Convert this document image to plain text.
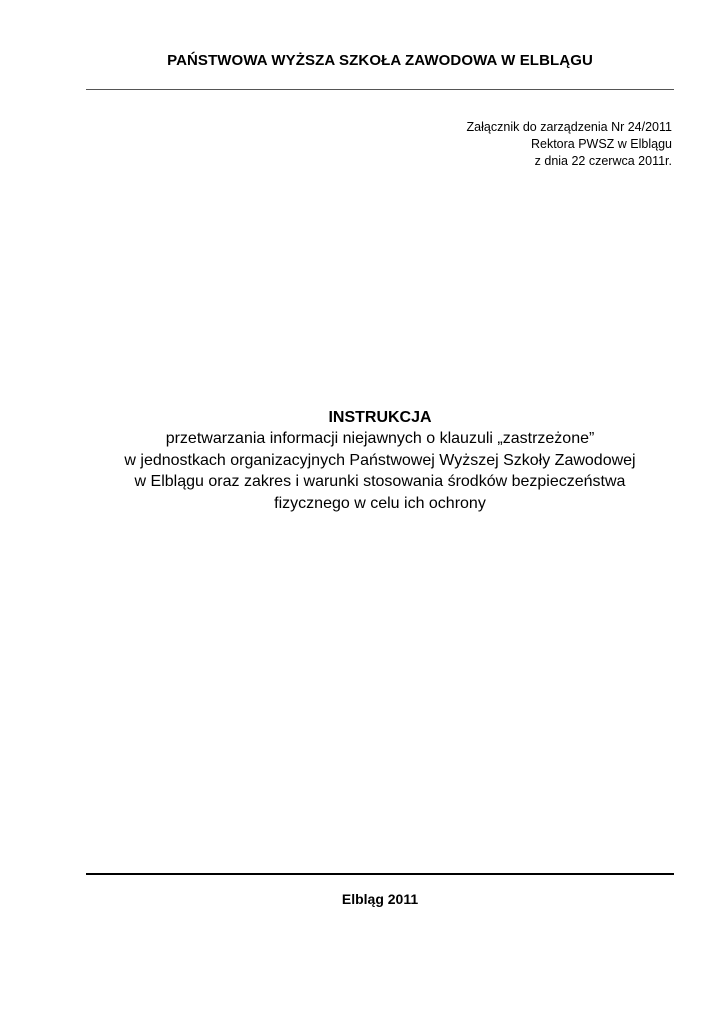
PAŃSTWOWA WYŻSZA SZKOŁA ZAWODOWA W ELBLĄGU
Załącznik do zarządzenia Nr 24/2011
Rektora PWSZ w Elblągu
z dnia 22 czerwca 2011r.
INSTRUKCJA
przetwarzania informacji niejawnych o klauzuli „zastrzeżone”
w jednostkach organizacyjnych Państwowej Wyższej Szkoły Zawodowej
w Elblągu oraz zakres i warunki stosowania środków bezpieczeństwa
fizycznego w celu ich ochrony
Elbląg 2011
